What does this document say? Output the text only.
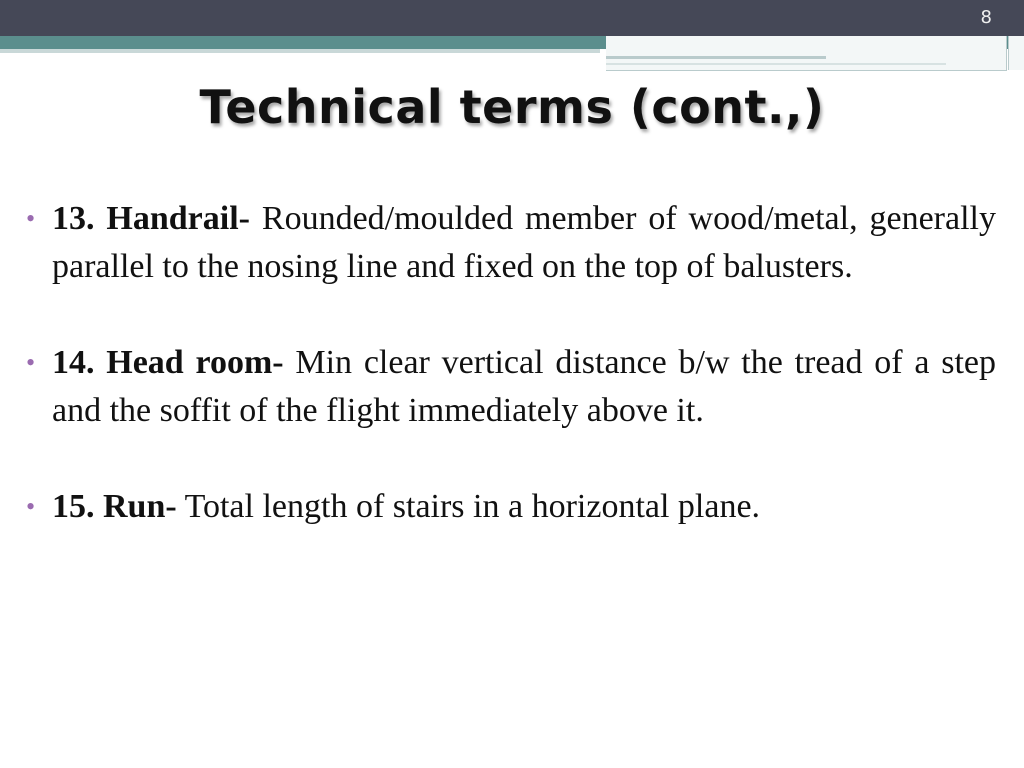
8
Technical terms (cont.,)
• 13. Handrail- Rounded/moulded member of wood/metal, generally parallel to the nosing line and fixed on the top of balusters.
• 14. Head room- Min clear vertical distance b/w the tread of a step and the soffit of the flight immediately above it.
• 15. Run- Total length of stairs in a horizontal plane.
